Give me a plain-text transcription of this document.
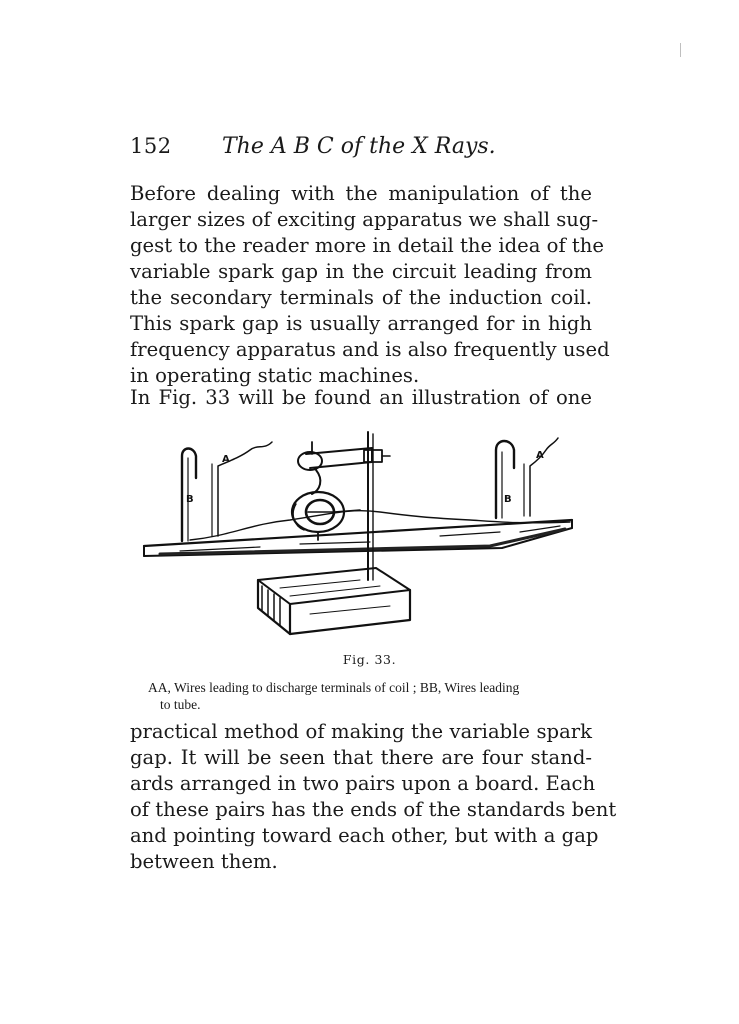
152 The A B C of the X Rays.

Before dealing with the manipulation of the
larger sizes of exciting apparatus we shall sug-
gest to the reader more in detail the idea of the
variable spark gap in the circuit leading from
the secondary terminals of the induction coil.
This spark gap is usually arranged for in high
frequency apparatus and is also frequently used
in operating static machines.

In Fig. 33 will be found an illustration of one

A
B
A
B
Fig. 33.
AA, Wires leading to discharge terminals of coil ; BB, Wires leading
to tube.

practical method of making the variable spark
gap. It will be seen that there are four stand-
ards arranged in two pairs upon a board. Each
of these pairs has the ends of the standards bent
and pointing toward each other, but with a gap
between them.
